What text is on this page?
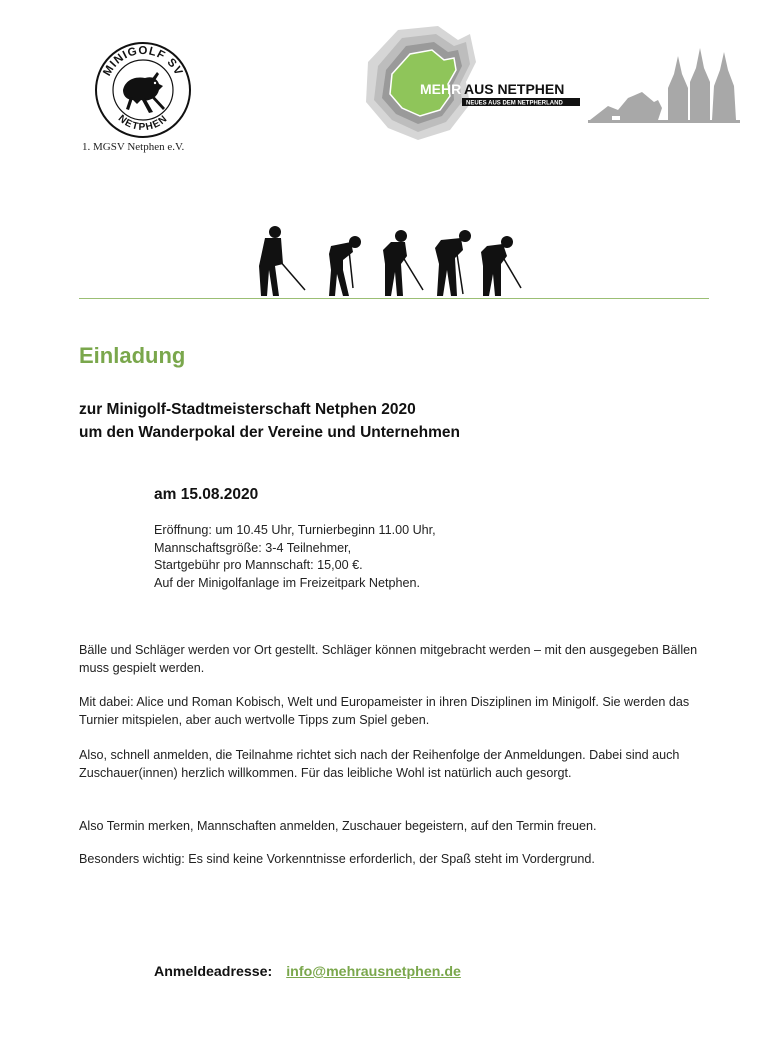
MINIGOLF SV
NETPHEN
1. MGSV Netphen e.V.
MEHR AUS NETPHEN
NEUES AUS DEM NETPHERLAND
Einladung
zur Minigolf-Stadtmeisterschaft Netphen 2020
um den Wanderpokal der Vereine und Unternehmen
am 15.08.2020
Eröffnung: um 10.45 Uhr, Turnierbeginn 11.00 Uhr,
Mannschaftsgröße: 3-4 Teilnehmer,
Startgebühr pro Mannschaft: 15,00 €.
Auf der Minigolfanlage im Freizeitpark Netphen.

Bälle und Schläger werden vor Ort gestellt. Schläger können mitgebracht werden – mit den ausgegeben Bällen muss gespielt werden.

Mit dabei: Alice und Roman Kobisch, Welt und Europameister in ihren Disziplinen im Minigolf. Sie werden das Turnier mitspielen, aber auch wertvolle Tipps zum Spiel geben.

Also, schnell anmelden, die Teilnahme richtet sich nach der Reihenfolge der Anmeldungen. Dabei sind auch Zuschauer(innen) herzlich willkommen. Für das leibliche Wohl ist natürlich auch gesorgt.

Also Termin merken, Mannschaften anmelden, Zuschauer begeistern, auf den Termin freuen.

Besonders wichtig: Es sind keine Vorkenntnisse erforderlich, der Spaß steht im Vordergrund.

Anmeldeadresse: info@mehrausnetphen.de
